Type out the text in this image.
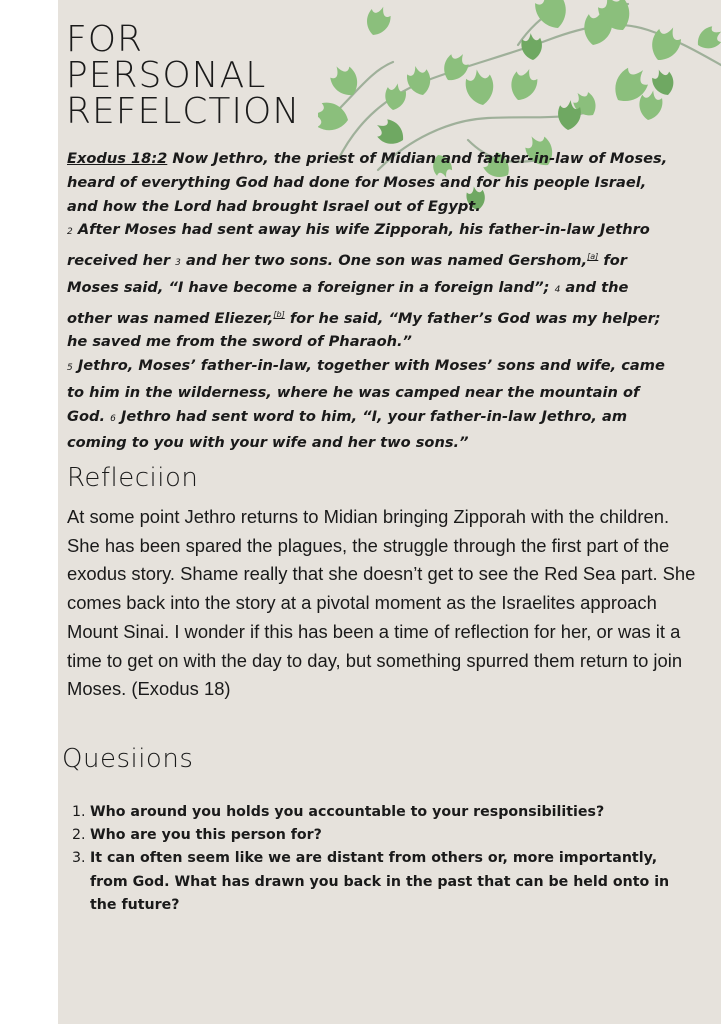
FOR
PERSONAL
REFELCTION

Exodus 18:2 Now Jethro, the priest of Midian and father-in-law of Moses, heard of everything God had done for Moses and for his people Israel, and how the Lord had brought Israel out of Egypt.
2 After Moses had sent away his wife Zipporah, his father-in-law Jethro received her 3 and her two sons. One son was named Gershom,[a] for Moses said, “I have become a foreigner in a foreign land”; 4 and the other was named Eliezer,[b] for he said, “My father’s God was my helper; he saved me from the sword of Pharaoh.”
5 Jethro, Moses’ father-in-law, together with Moses’ sons and wife, came to him in the wilderness, where he was camped near the mountain of God. 6 Jethro had sent word to him, “I, your father-in-law Jethro, am coming to you with your wife and her two sons.”

Refleciion

At some point Jethro returns to Midian bringing Zipporah with the children. She has been spared the plagues, the struggle through the first part of the exodus story. Shame really that she doesn’t get to see the Red Sea part. She comes back into the story at a pivotal moment as the Israelites approach Mount Sinai. I wonder if this has been a time of reflection for her, or was it a time to get on with the day to day, but something spurred them return to join Moses. (Exodus 18)

Quesiions
1. Who around you holds you accountable to your responsibilities?
2. Who are you this person for?
3. It can often seem like we are distant from others or, more importantly, from God. What has drawn you back in the past that can be held onto in the future?
